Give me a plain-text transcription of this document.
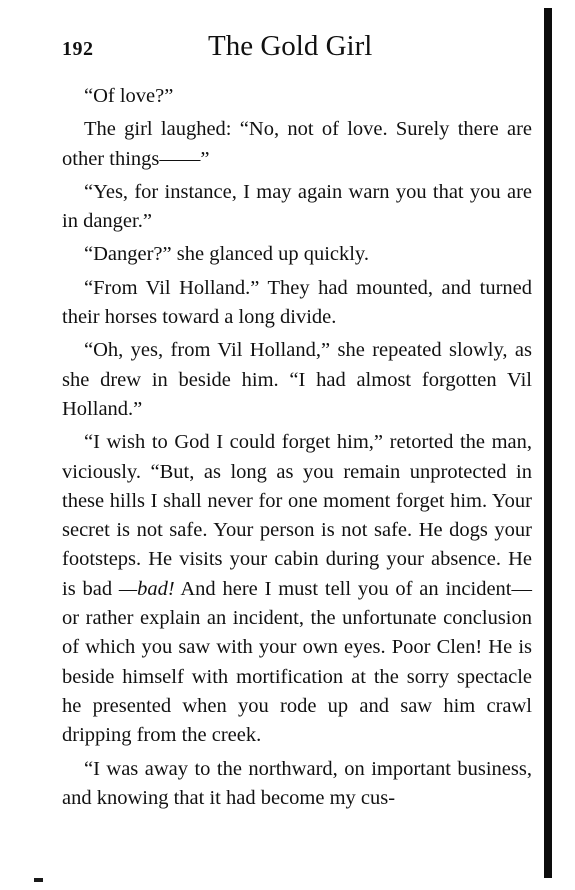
192	The Gold Girl

“Of love?”

The girl laughed: “No, not of love. Surely there are other things——”

“Yes, for instance, I may again warn you that you are in danger.”

“Danger?” she glanced up quickly.

“From Vil Holland.” They had mounted, and turned their horses toward a long divide.

“Oh, yes, from Vil Holland,” she repeated slowly, as she drew in beside him. “I had almost forgotten Vil Holland.”

“I wish to God I could forget him,” retorted the man, viciously. “But, as long as you remain unprotected in these hills I shall never for one moment forget him. Your secret is not safe. Your person is not safe. He dogs your footsteps. He visits your cabin during your absence. He is bad —bad! And here I must tell you of an incident— or rather explain an incident, the unfortunate conclusion of which you saw with your own eyes. Poor Clen! He is beside himself with mortification at the sorry spectacle he presented when you rode up and saw him crawl dripping from the creek.

“I was away to the northward, on important business, and knowing that it had become my cus-
